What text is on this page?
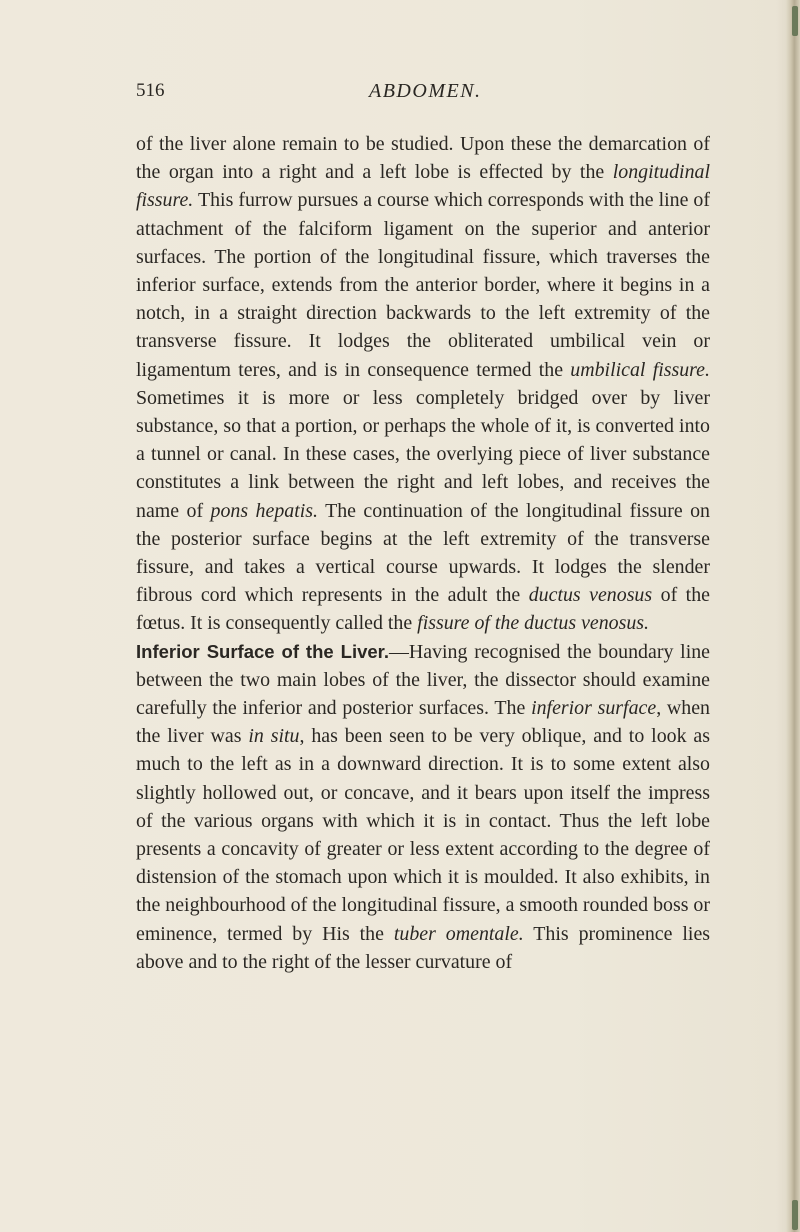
516	ABDOMEN.

of the liver alone remain to be studied. Upon these the demarcation of the organ into a right and a left lobe is effected by the longitudinal fissure. This furrow pursues a course which corresponds with the line of attachment of the falciform ligament on the superior and anterior surfaces. The portion of the longitudinal fissure, which traverses the inferior surface, extends from the anterior border, where it begins in a notch, in a straight direction backwards to the left extremity of the transverse fissure. It lodges the obliterated umbilical vein or ligamentum teres, and is in consequence termed the umbilical fissure. Sometimes it is more or less completely bridged over by liver substance, so that a portion, or perhaps the whole of it, is converted into a tunnel or canal. In these cases, the overlying piece of liver substance constitutes a link between the right and left lobes, and receives the name of pons hepatis. The continuation of the longitudinal fissure on the posterior surface begins at the left extremity of the transverse fissure, and takes a vertical course upwards. It lodges the slender fibrous cord which represents in the adult the ductus venosus of the fœtus. It is consequently called the fissure of the ductus venosus.

Inferior Surface of the Liver.—Having recognised the boundary line between the two main lobes of the liver, the dissector should examine carefully the inferior and posterior surfaces. The inferior surface, when the liver was in situ, has been seen to be very oblique, and to look as much to the left as in a downward direction. It is to some extent also slightly hollowed out, or concave, and it bears upon itself the impress of the various organs with which it is in contact. Thus the left lobe presents a concavity of greater or less extent according to the degree of distension of the stomach upon which it is moulded. It also exhibits, in the neighbourhood of the longitudinal fissure, a smooth rounded boss or eminence, termed by His the tuber omentale. This prominence lies above and to the right of the lesser curvature of
